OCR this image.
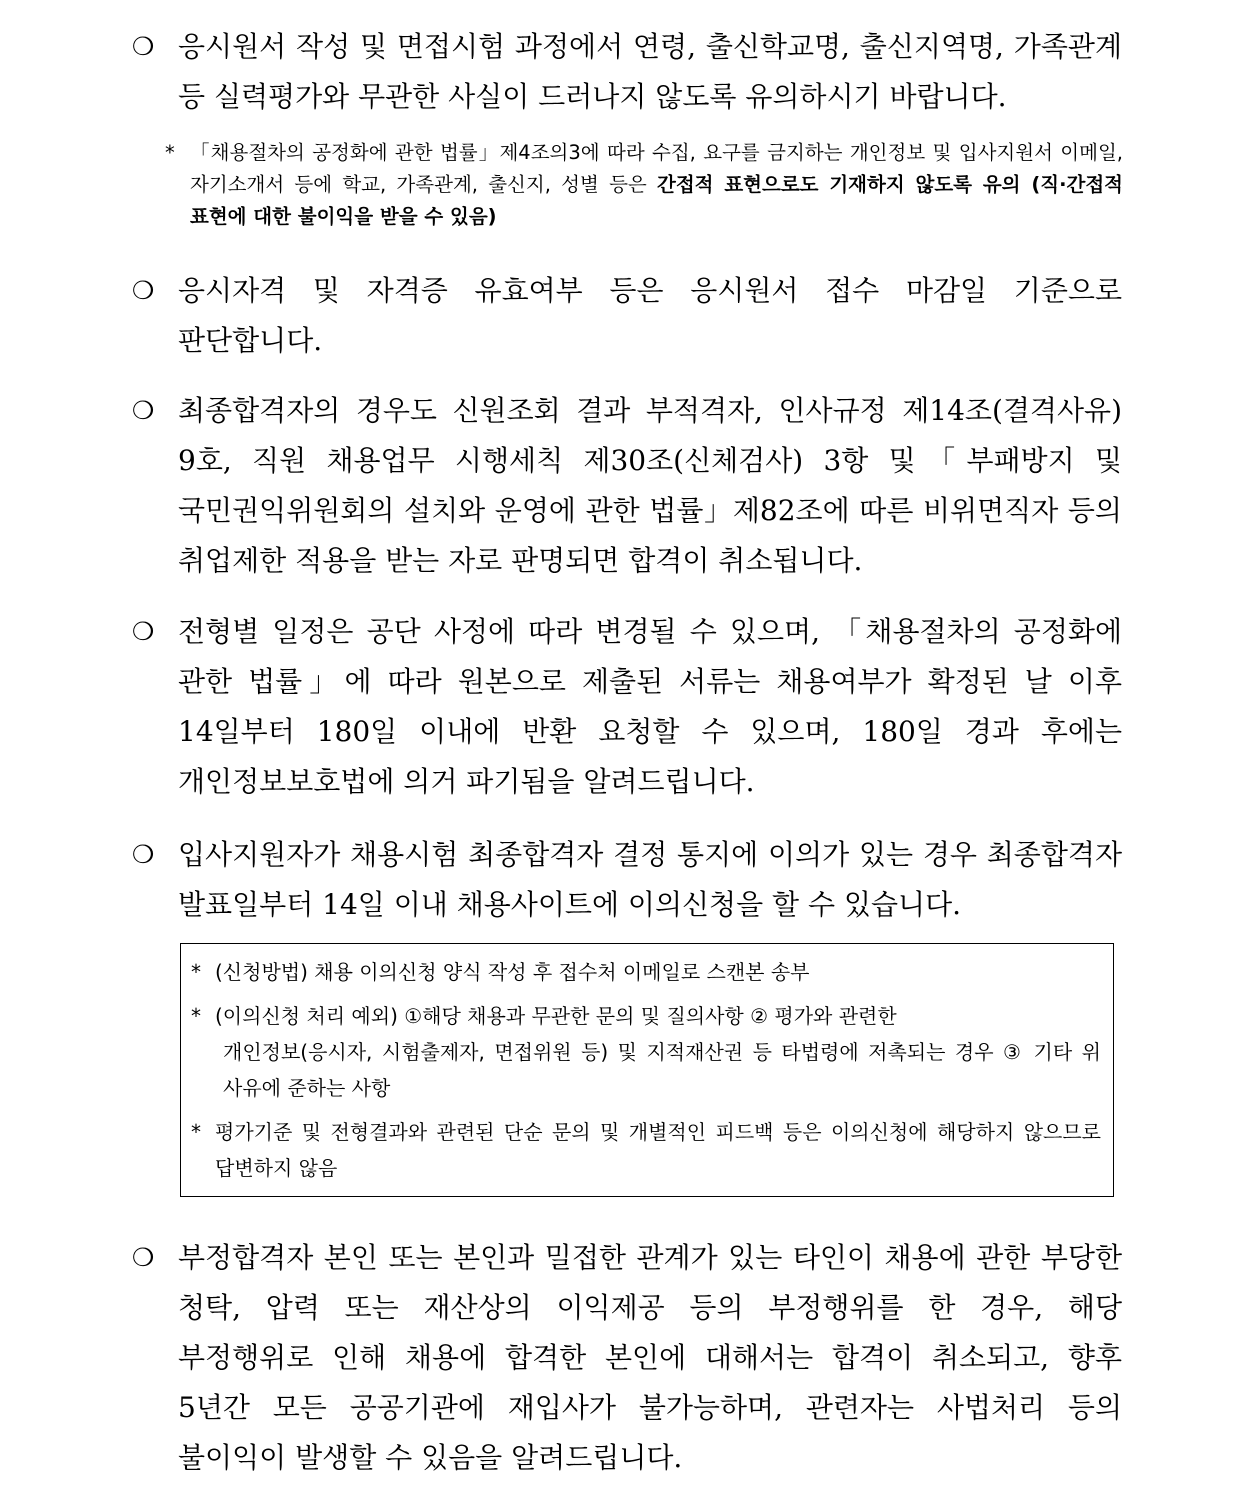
❍ 응시원서 작성 및 면접시험 과정에서 연령, 출신학교명, 출신지역명, 가족관계 등 실력평가와 무관한 사실이 드러나지 않도록 유의하시기 바랍니다.
* 「채용절차의 공정화에 관한 법률」제4조의3에 따라 수집, 요구를 금지하는 개인정보 및 입사지원서 이메일, 자기소개서 등에 학교, 가족관계, 출신지, 성별 등은 간접적 표현으로도 기재하지 않도록 유의 (직·간접적 표현에 대한 불이익을 받을 수 있음)
❍ 응시자격 및 자격증 유효여부 등은 응시원서 접수 마감일 기준으로 판단합니다.
❍ 최종합격자의 경우도 신원조회 결과 부적격자, 인사규정 제14조(결격사유) 9호, 직원 채용업무 시행세칙 제30조(신체검사) 3항 및「부패방지 및 국민권익위원회의 설치와 운영에 관한 법률」제82조에 따른 비위면직자 등의 취업제한 적용을 받는 자로 판명되면 합격이 취소됩니다.
❍ 전형별 일정은 공단 사정에 따라 변경될 수 있으며, 「채용절차의 공정화에 관한 법률」에 따라 원본으로 제출된 서류는 채용여부가 확정된 날 이후 14일부터 180일 이내에 반환 요청할 수 있으며, 180일 경과 후에는 개인정보보호법에 의거 파기됨을 알려드립니다.
❍ 입사지원자가 채용시험 최종합격자 결정 통지에 이의가 있는 경우 최종합격자 발표일부터 14일 이내 채용사이트에 이의신청을 할 수 있습니다.
* (신청방법) 채용 이의신청 양식 작성 후 접수처 이메일로 스캔본 송부
* (이의신청 처리 예외) ①해당 채용과 무관한 문의 및 질의사항 ② 평가와 관련한
개인정보(응시자, 시험출제자, 면접위원 등) 및 지적재산권 등 타법령에 저촉되는 경우 ③ 기타 위 사유에 준하는 사항
* 평가기준 및 전형결과와 관련된 단순 문의 및 개별적인 피드백 등은 이의신청에 해당하지 않으므로 답변하지 않음
❍ 부정합격자 본인 또는 본인과 밀접한 관계가 있는 타인이 채용에 관한 부당한 청탁, 압력 또는 재산상의 이익제공 등의 부정행위를 한 경우, 해당 부정행위로 인해 채용에 합격한 본인에 대해서는 합격이 취소되고, 향후 5년간 모든 공공기관에 재입사가 불가능하며, 관련자는 사법처리 등의 불이익이 발생할 수 있음을 알려드립니다.
